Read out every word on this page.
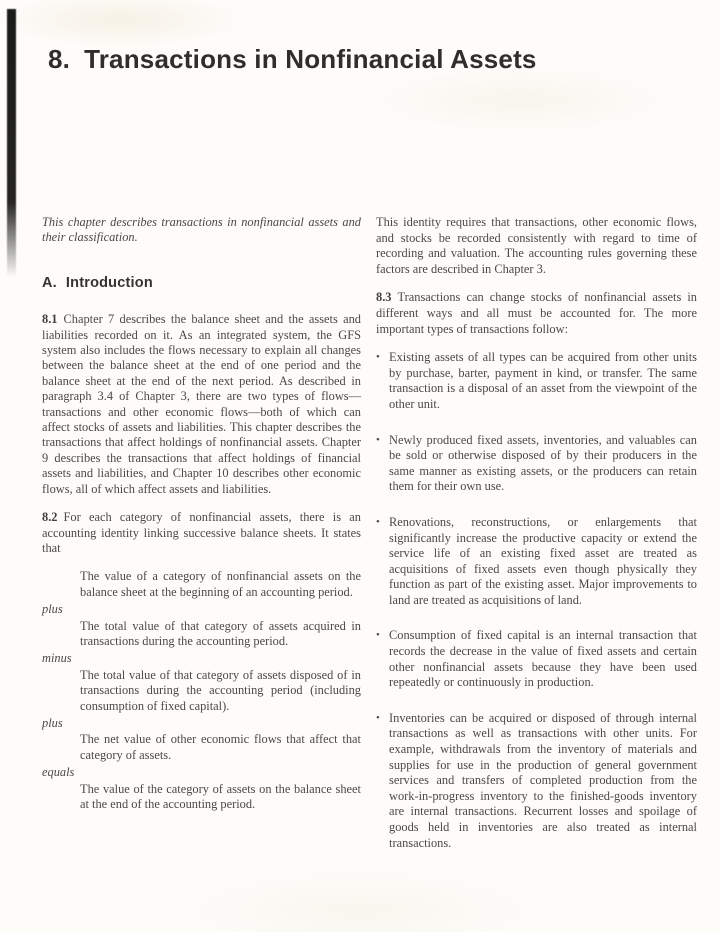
8. Transactions in Nonfinancial Assets

This chapter describes transactions in nonfinancial assets and their classification.

A. Introduction

8.1 Chapter 7 describes the balance sheet and the assets and liabilities recorded on it. As an integrated system, the GFS system also includes the flows necessary to explain all changes between the balance sheet at the end of one period and the balance sheet at the end of the next period. As described in paragraph 3.4 of Chapter 3, there are two types of flows—transactions and other economic flows—both of which can affect stocks of assets and liabilities. This chapter describes the transactions that affect holdings of nonfinancial assets. Chapter 9 describes the transactions that affect holdings of financial assets and liabilities, and Chapter 10 describes other economic flows, all of which affect assets and liabilities.

8.2 For each category of nonfinancial assets, there is an accounting identity linking successive balance sheets. It states that

The value of a category of nonfinancial assets on the balance sheet at the beginning of an accounting period.

plus

The total value of that category of assets acquired in transactions during the accounting period.

minus

The total value of that category of assets disposed of in transactions during the accounting period (including consumption of fixed capital).

plus

The net value of other economic flows that affect that category of assets.

equals

The value of the category of assets on the balance sheet at the end of the accounting period.

This identity requires that transactions, other economic flows, and stocks be recorded consistently with regard to time of recording and valuation. The accounting rules governing these factors are described in Chapter 3.

8.3 Transactions can change stocks of nonfinancial assets in different ways and all must be accounted for. The more important types of transactions follow:

• Existing assets of all types can be acquired from other units by purchase, barter, payment in kind, or transfer. The same transaction is a disposal of an asset from the viewpoint of the other unit.
• Newly produced fixed assets, inventories, and valuables can be sold or otherwise disposed of by their producers in the same manner as existing assets, or the producers can retain them for their own use.
• Renovations, reconstructions, or enlargements that significantly increase the productive capacity or extend the service life of an existing fixed asset are treated as acquisitions of fixed assets even though physically they function as part of the existing asset. Major improvements to land are treated as acquisitions of land.
• Consumption of fixed capital is an internal transaction that records the decrease in the value of fixed assets and certain other nonfinancial assets because they have been used repeatedly or continuously in production.
• Inventories can be acquired or disposed of through internal transactions as well as transactions with other units. For example, withdrawals from the inventory of materials and supplies for use in the production of general government services and transfers of completed production from the work-in-progress inventory to the finished-goods inventory are internal transactions. Recurrent losses and spoilage of goods held in inventories are also treated as internal transactions.
